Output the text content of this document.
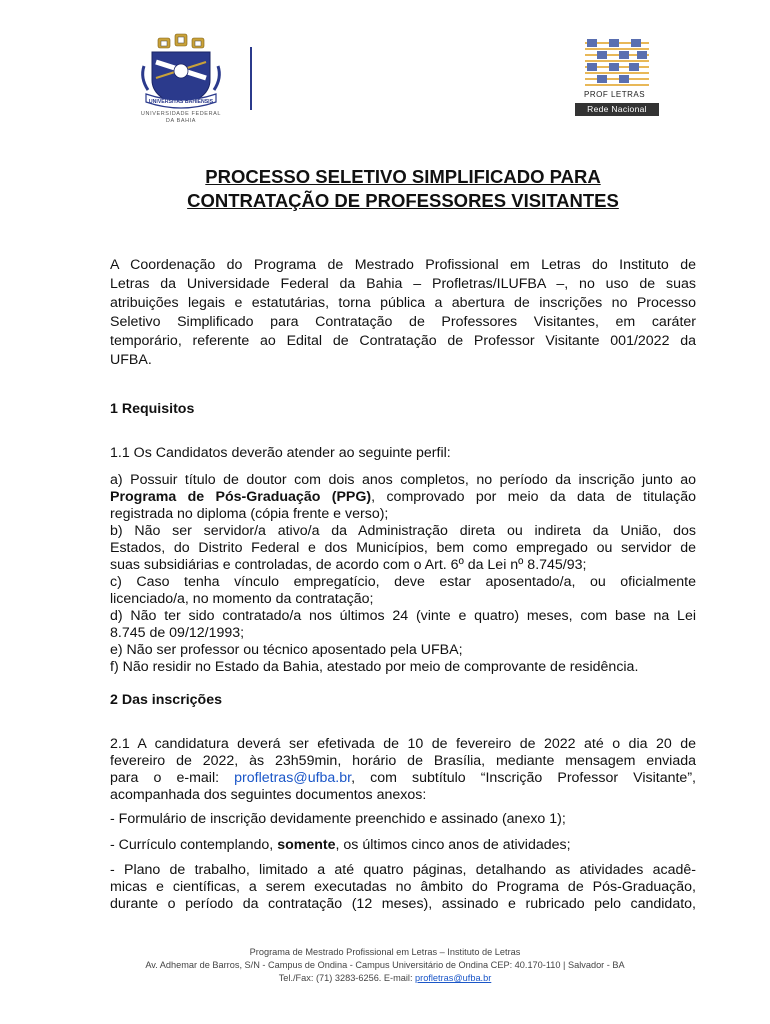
UNIVERSITAS BAHIENSIS
UNIVERSIDADE FEDERAL
DA BAHIA
PROF LETRAS
Rede Nacional
PROCESSO SELETIVO SIMPLIFICADO PARA
CONTRATAÇÃO DE PROFESSORES VISITANTES
A Coordenação do Programa de Mestrado Profissional em Letras do Instituto de
Letras da Universidade Federal da Bahia – Profletras/ILUFBA –, no uso de suas
atribuições legais e estatutárias, torna pública a abertura de inscrições no Processo
Seletivo Simplificado para Contratação de Professores Visitantes, em caráter
temporário, referente ao Edital de Contratação de Professor Visitante 001/2022 da
UFBA.
1 Requisitos
1.1 Os Candidatos deverão atender ao seguinte perfil:
a) Possuir título de doutor com dois anos completos, no período da inscrição junto ao
Programa de Pós-Graduação (PPG), comprovado por meio da data de titulação
registrada no diploma (cópia frente e verso);
b) Não ser servidor/a ativo/a da Administração direta ou indireta da União, dos
Estados, do Distrito Federal e dos Municípios, bem como empregado ou servidor de
suas subsidiárias e controladas, de acordo com o Art. 6º da Lei nº 8.745/93;
c) Caso tenha vínculo empregatício, deve estar aposentado/a, ou oficialmente
licenciado/a, no momento da contratação;
d) Não ter sido contratado/a nos últimos 24 (vinte e quatro) meses, com base na Lei
8.745 de 09/12/1993;
e) Não ser professor ou técnico aposentado pela UFBA;
f) Não residir no Estado da Bahia, atestado por meio de comprovante de residência.
2 Das inscrições
2.1 A candidatura deverá ser efetivada de 10 de fevereiro de 2022 até o dia 20 de
fevereiro de 2022, às 23h59min, horário de Brasília, mediante mensagem enviada
para o e-mail: profletras@ufba.br, com subtítulo “Inscrição Professor Visitante”,
acompanhada dos seguintes documentos anexos:
- Formulário de inscrição devidamente preenchido e assinado (anexo 1);
- Currículo contemplando, somente, os últimos cinco anos de atividades;
- Plano de trabalho, limitado a até quatro páginas, detalhando as atividades acadê-
micas e científicas, a serem executadas no âmbito do Programa de Pós-Graduação,
durante o período da contratação (12 meses), assinado e rubricado pelo candidato,
Programa de Mestrado Profissional em Letras – Instituto de Letras
Av. Adhemar de Barros, S/N - Campus de Ondina - Campus Universitário de Ondina CEP: 40.170-110 | Salvador - BA
Tel./Fax: (71) 3283-6256. E-mail: profletras@ufba.br
